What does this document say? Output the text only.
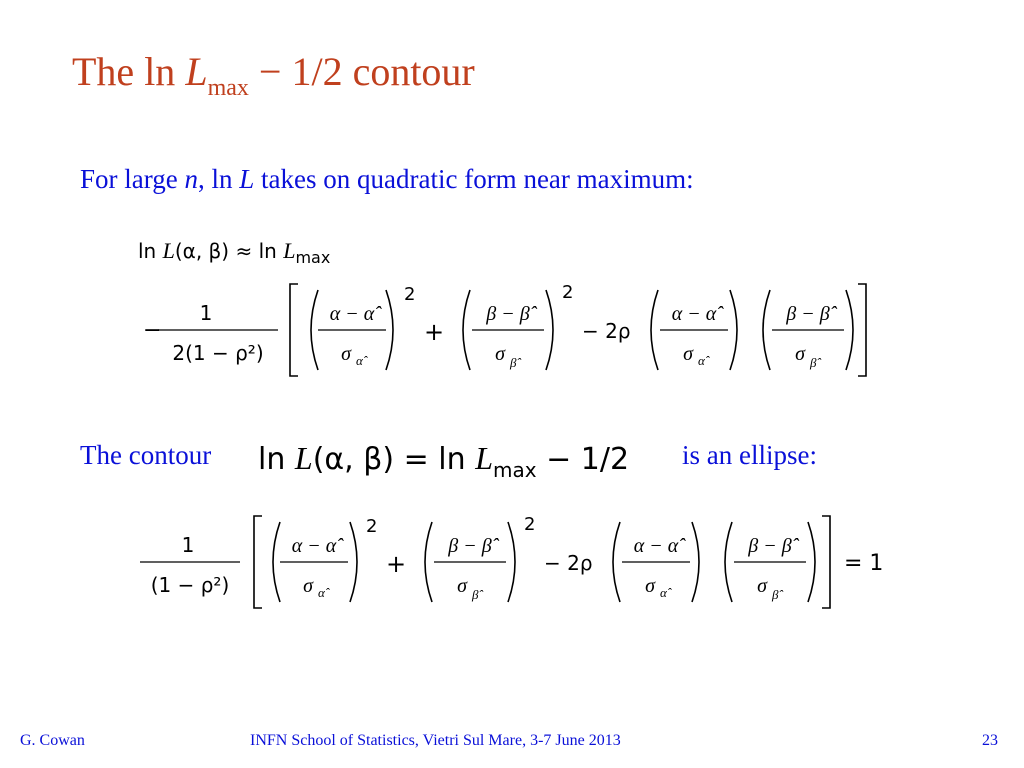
The $\ln L_{max} - 1/2$ contour
For large n, ln L takes on quadratic form near maximum:
ln L(α, $\beta) \approx \ln L_{max}$
−
1
2(1 − ρ²)
α − α̂
σ α̂
2
+
β − β̂
σ β̂
2
− 2ρ
α − α̂
σ α̂
β − β̂
σ β̂
1
(1 − ρ²)
α − α̂
σ α̂
2
+
β − β̂
σ β̂
2
− 2ρ
α − α̂
σ α̂
β − β̂
σ β̂
= 1
The contour ln L(α, $\beta) = \ln L_{max} - 1/2$ is an ellipse:
G. Cowan	INFN School of Statistics, Vietri Sul Mare, 3-7 June 2013	23
